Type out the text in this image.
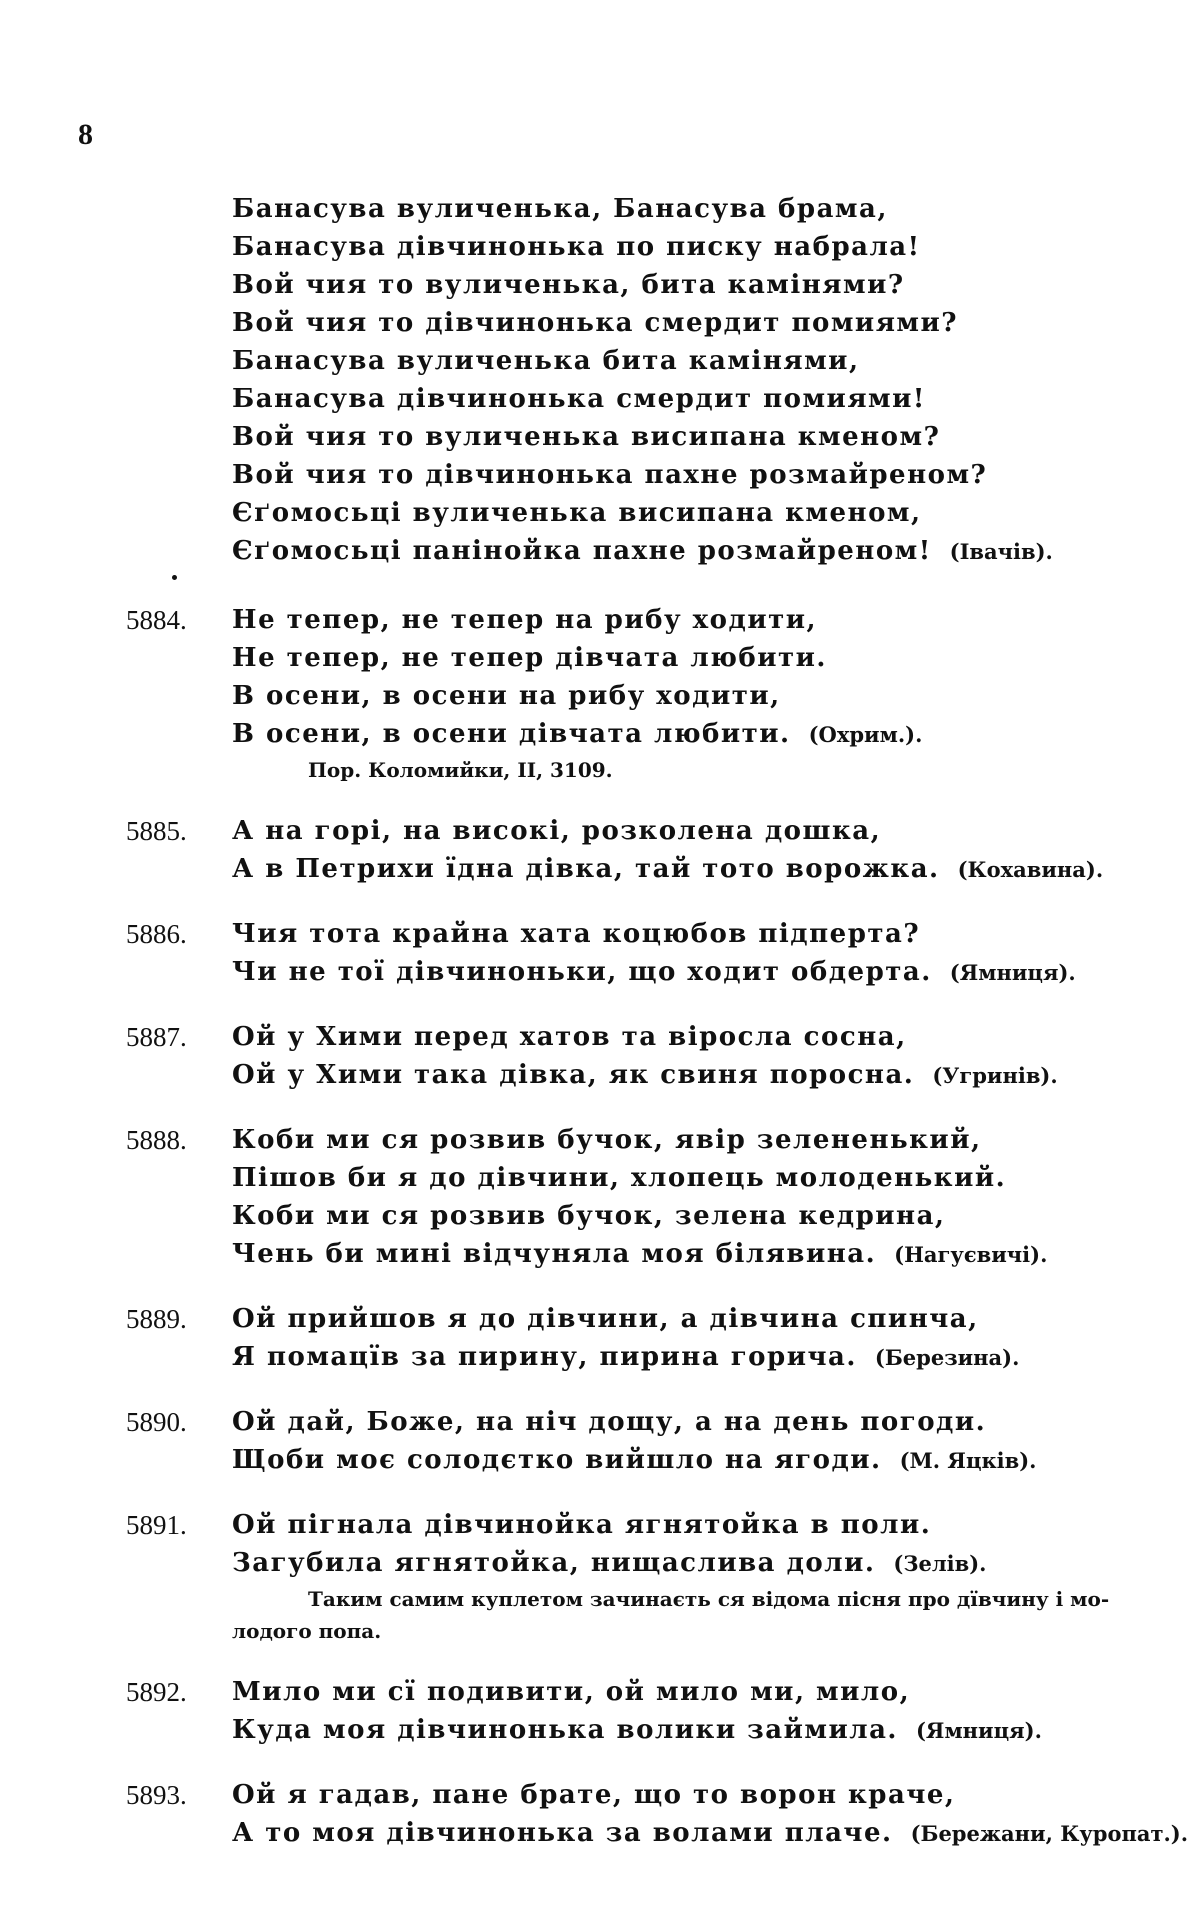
8
Банасува вуличенька, Банасува брама,
Банасува дівчинонька по писку набрала!
Вой чия то вуличенька, бита камінями?
Вой чия то дівчинонька смердит помиями?
Банасува вуличенька бита камінями,
Банасува дівчинонька смердит помиями!
Вой чия то вуличенька висипана кменом?
Вой чия то дівчинонька пахне розмайреном?
Єґомосьці вуличенька висипана кменом,
Єґомосьці панінойка пахне розмайреном! (Івачів).
5884. Не тепер, не тепер на рибу ходити,
Не тепер, не тепер дівчата любити.
В осени, в осени на рибу ходити,
В осени, в осени дівчата любити. (Охрим.).
Пор. Коломийки, II, 3109.
5885. А на горі, на високі, розколена дошка,
А в Петрихи їдна дівка, тай тото ворожка. (Кохавина).
5886. Чия тота крайна хата коцюбов підперта?
Чи не тої дівчиноньки, що ходит обдерта. (Ямниця).
5887. Ой у Хими перед хатов та віросла сосна,
Ой у Хими така дівка, як свиня поросна. (Угринів).
5888. Коби ми ся розвив бучок, явір зелененький,
Пішов би я до дівчини, хлопець молоденький.
Коби ми ся розвив бучок, зелена кедрина,
Чень би мині відчуняла моя білявина. (Нагуєвичі).
5889. Ой прийшов я до дівчини, а дівчина спинча,
Я помацїв за пирину, пирина горича. (Березина).
5890. Ой дай, Боже, на ніч дощу, а на день погоди.
Щоби моє солодєтко вийшло на ягоди. (М. Яцків).
5891. Ой пігнала дівчинойка ягнятойка в поли.
Загубила ягнятойка, нищаслива доли. (Зелів).
Таким самим куплетом зачинаєть ся відома пісня про дївчину і мо-
лодого попа.
5892. Мило ми сї подивити, ой мило ми, мило,
Куда моя дівчинонька волики займила. (Ямниця).
5893. Ой я гадав, пане брате, що то ворон краче,
А то моя дівчинонька за волами плаче. (Бережани, Куропат.).
